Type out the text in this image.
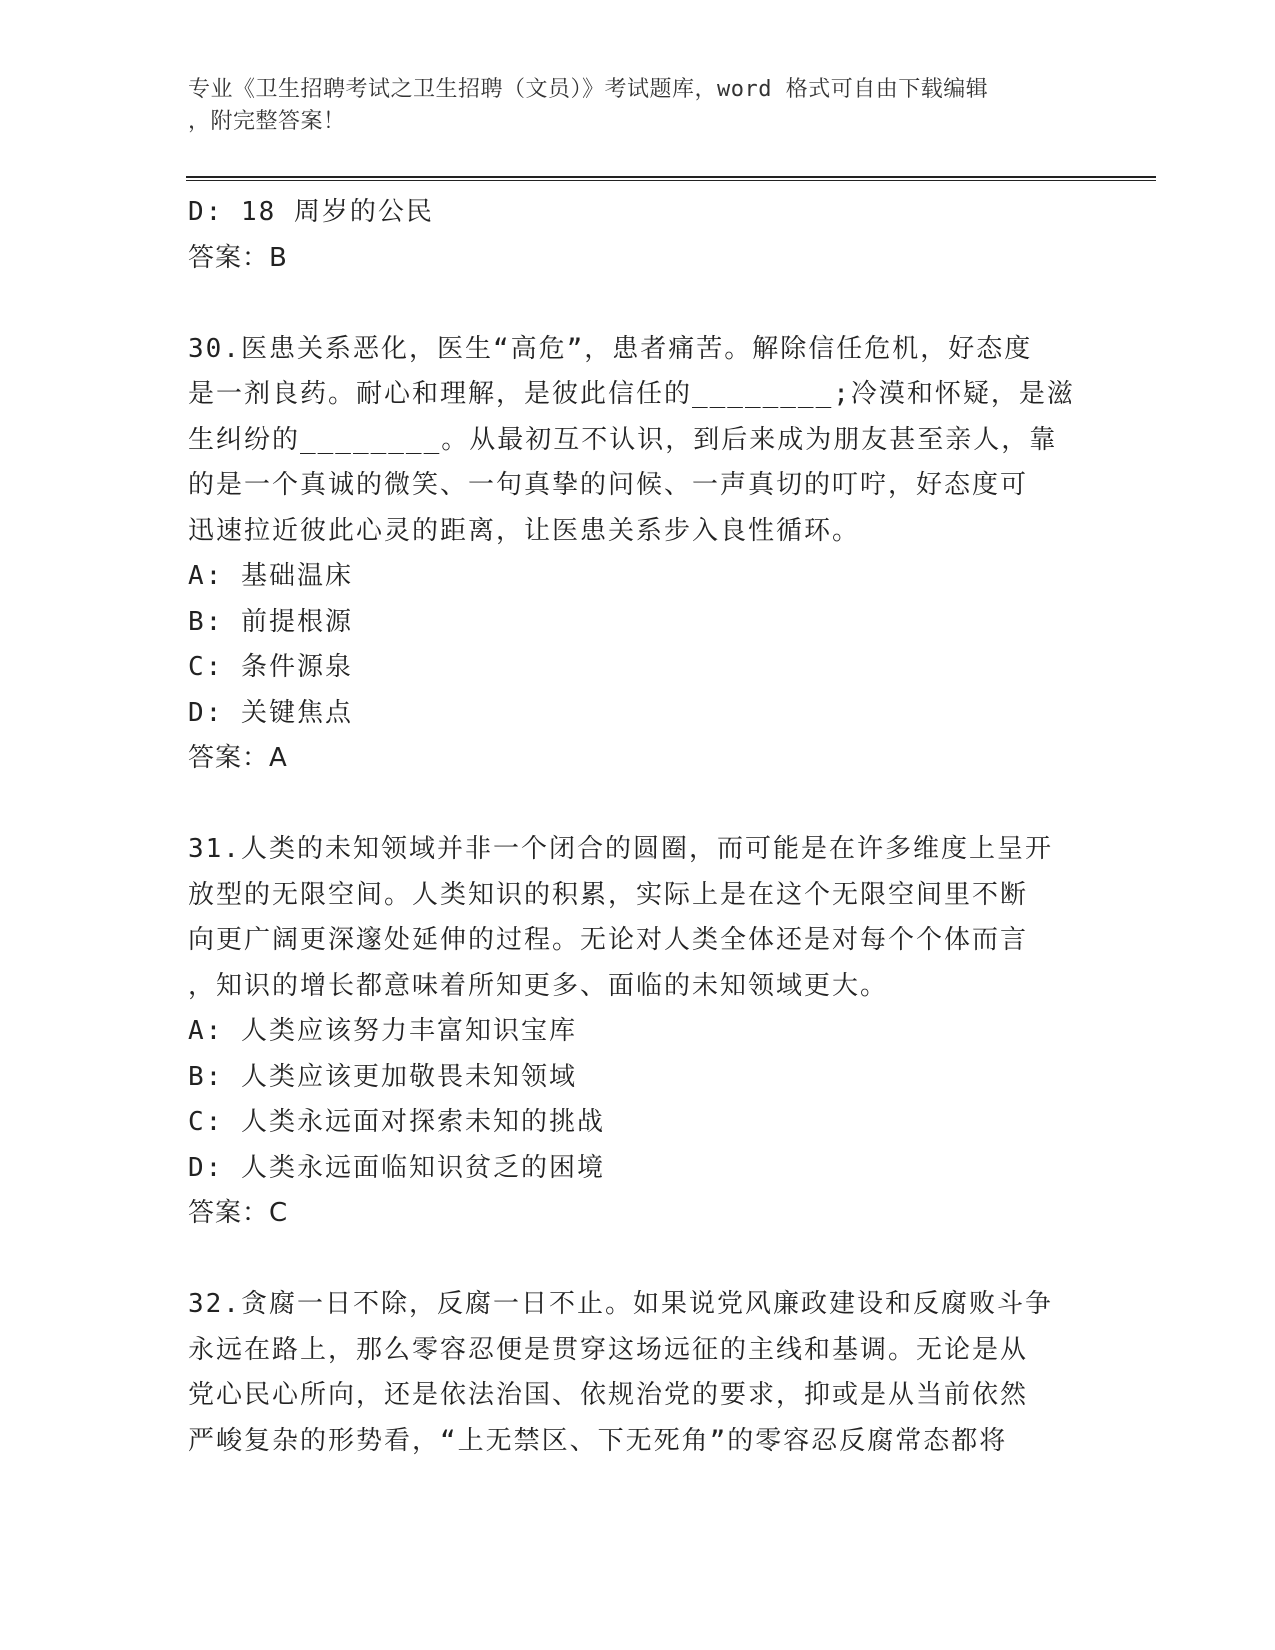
专业《卫生招聘考试之卫生招聘（文员）》考试题库，word 格式可自由下载编辑
，附完整答案！

D: 18 周岁的公民

答案：B

30.医患关系恶化，医生“高危”，患者痛苦。解除信任危机，好态度

是一剂良药。耐心和理解，是彼此信任的________;冷漠和怀疑，是滋

生纠纷的________。从最初互不认识，到后来成为朋友甚至亲人，靠

的是一个真诚的微笑、一句真挚的问候、一声真切的叮咛，好态度可

迅速拉近彼此心灵的距离，让医患关系步入良性循环。

A: 基础温床

B: 前提根源

C: 条件源泉

D: 关键焦点

答案：A

31.人类的未知领域并非一个闭合的圆圈，而可能是在许多维度上呈开

放型的无限空间。人类知识的积累，实际上是在这个无限空间里不断

向更广阔更深邃处延伸的过程。无论对人类全体还是对每个个体而言

，知识的增长都意味着所知更多、面临的未知领域更大。

A: 人类应该努力丰富知识宝库

B: 人类应该更加敬畏未知领域

C: 人类永远面对探索未知的挑战

D: 人类永远面临知识贫乏的困境

答案：C

32.贪腐一日不除，反腐一日不止。如果说党风廉政建设和反腐败斗争

永远在路上，那么零容忍便是贯穿这场远征的主线和基调。无论是从

党心民心所向，还是依法治国、依规治党的要求，抑或是从当前依然

严峻复杂的形势看，“上无禁区、下无死角”的零容忍反腐常态都将
